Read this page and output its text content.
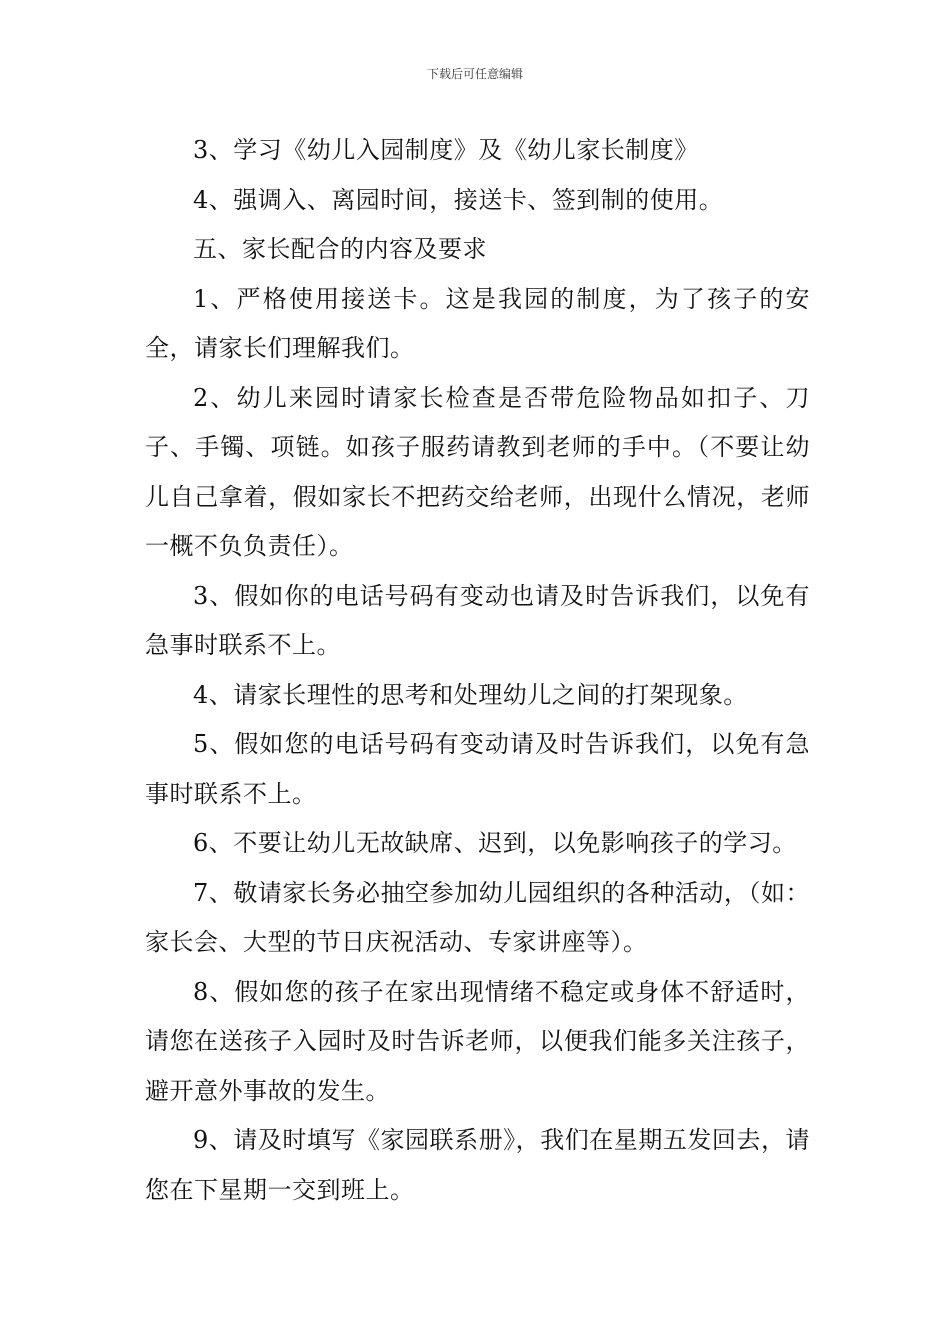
下载后可任意编辑

3、学习《幼儿入园制度》及《幼儿家长制度》

4、强调入、离园时间，接送卡、签到制的使用。

五、家长配合的内容及要求

1、严格使用接送卡。这是我园的制度，为了孩子的安全，请家长们理解我们。

2、幼儿来园时请家长检查是否带危险物品如扣子、刀子、手镯、项链。如孩子服药请教到老师的手中。（不要让幼儿自己拿着，假如家长不把药交给老师，出现什么情况，老师一概不负负责任）。

3、假如你的电话号码有变动也请及时告诉我们，以免有急事时联系不上。

4、请家长理性的思考和处理幼儿之间的打架现象。

5、假如您的电话号码有变动请及时告诉我们，以免有急事时联系不上。

6、不要让幼儿无故缺席、迟到，以免影响孩子的学习。

7、敬请家长务必抽空参加幼儿园组织的各种活动，（如：家长会、大型的节日庆祝活动、专家讲座等）。

8、假如您的孩子在家出现情绪不稳定或身体不舒适时，请您在送孩子入园时及时告诉老师，以便我们能多关注孩子，避开意外事故的发生。

9、请及时填写《家园联系册》，我们在星期五发回去，请您在下星期一交到班上。
